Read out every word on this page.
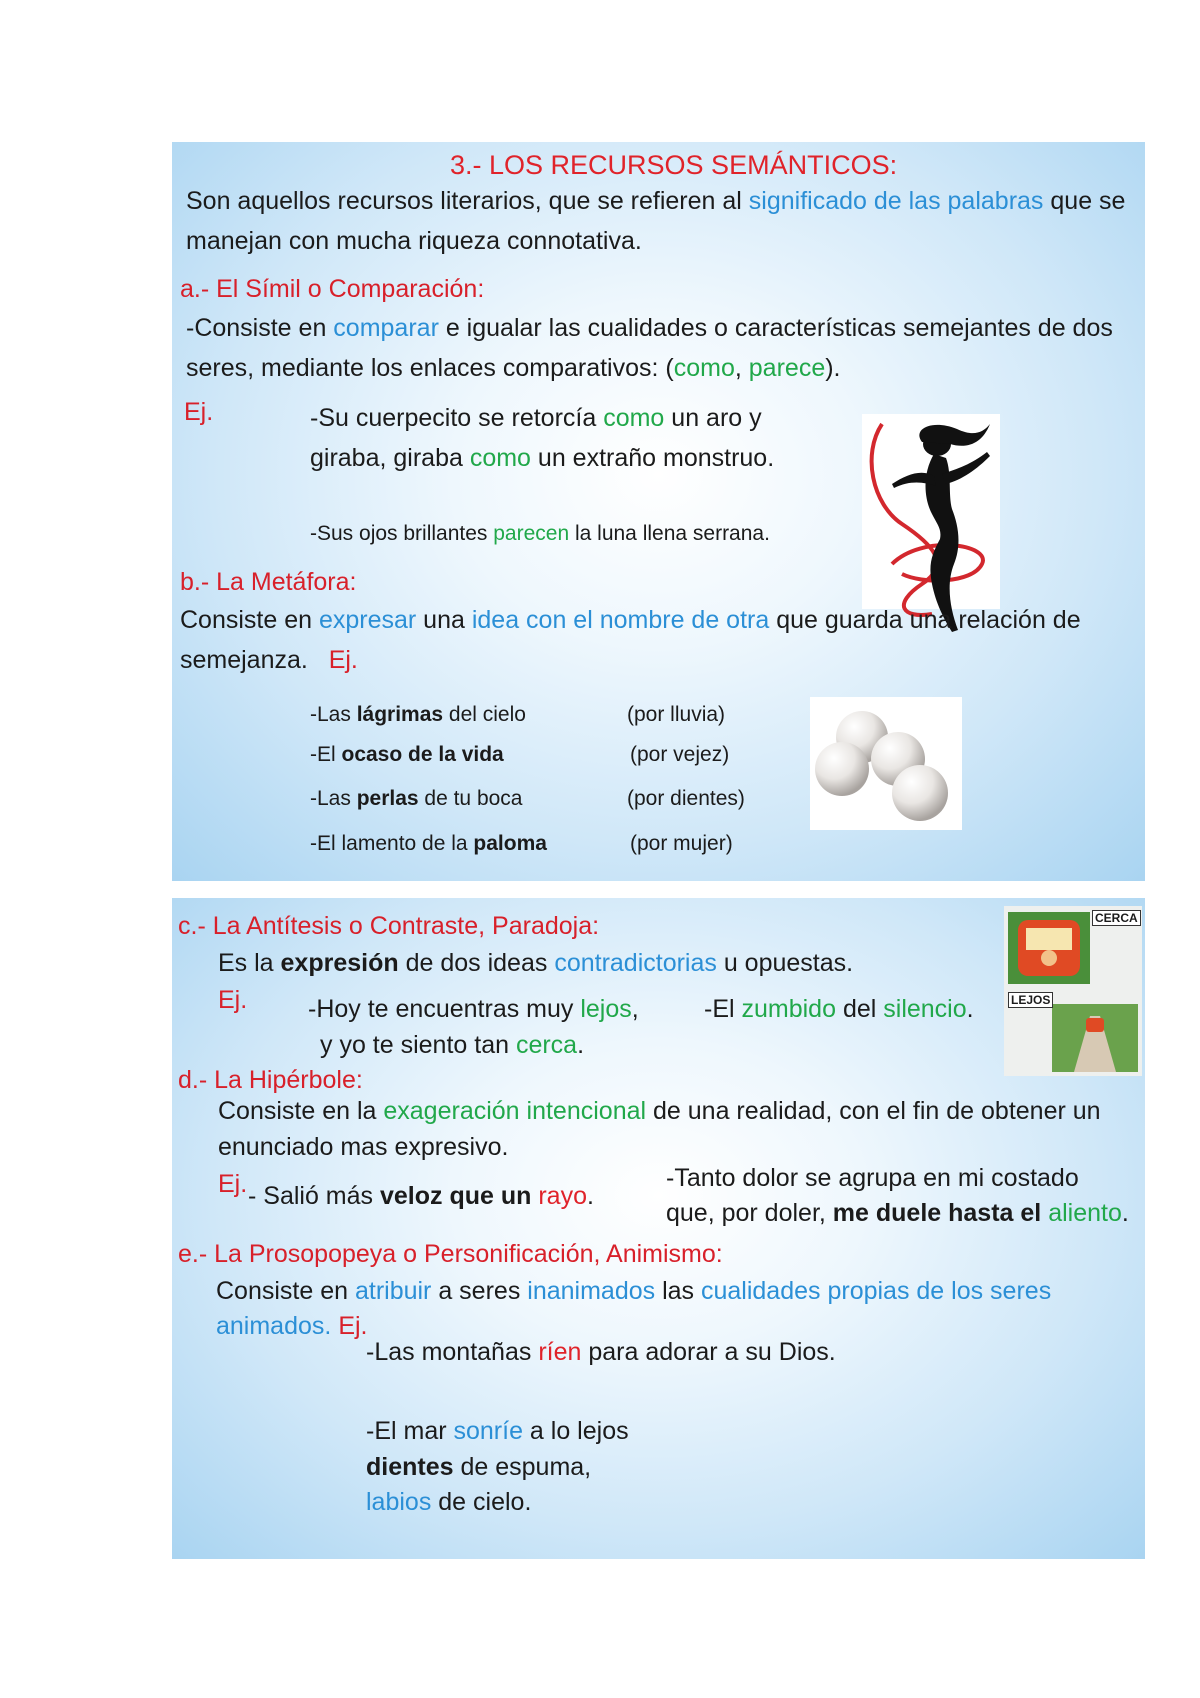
3.- LOS RECURSOS SEMÁNTICOS:
Son aquellos recursos literarios, que se refieren al significado de las palabras que se
manejan con mucha riqueza connotativa.
a.- El Símil o Comparación:
-Consiste en comparar e igualar las cualidades o características semejantes de dos
seres, mediante los enlaces comparativos: (como, parece).
Ej.	-Su cuerpecito se retorcía como un aro y
giraba, giraba como un extraño monstruo.
-Sus ojos brillantes parecen la luna llena serrana.
b.- La Metáfora:
Consiste en expresar una idea con el nombre de otra que guarda una relación de
semejanza. Ej.
-Las lágrimas del cielo	(por lluvia)
-El ocaso de la vida	(por vejez)
-Las perlas de tu boca	(por dientes)
-El lamento de la paloma	(por mujer)
c.- La Antítesis o Contraste, Paradoja:
Es la expresión de dos ideas contradictorias u opuestas.
Ej. -Hoy te encuentras muy lejos,
y yo te siento tan cerca.
-El zumbido del silencio.
CERCA
LEJOS
d.- La Hipérbole:
Consiste en la exageración intencional de una realidad, con el fin de obtener un
enunciado mas expresivo.
Ej. - Salió más veloz que un rayo.
-Tanto dolor se agrupa en mi costado
que, por doler, me duele hasta el aliento.
e.- La Prosopopeya o Personificación, Animismo:
Consiste en atribuir a seres inanimados las cualidades propias de los seres
animados. Ej.
-Las montañas ríen para adorar a su Dios.
-El mar sonríe a lo lejos
dientes de espuma,
labios de cielo.
